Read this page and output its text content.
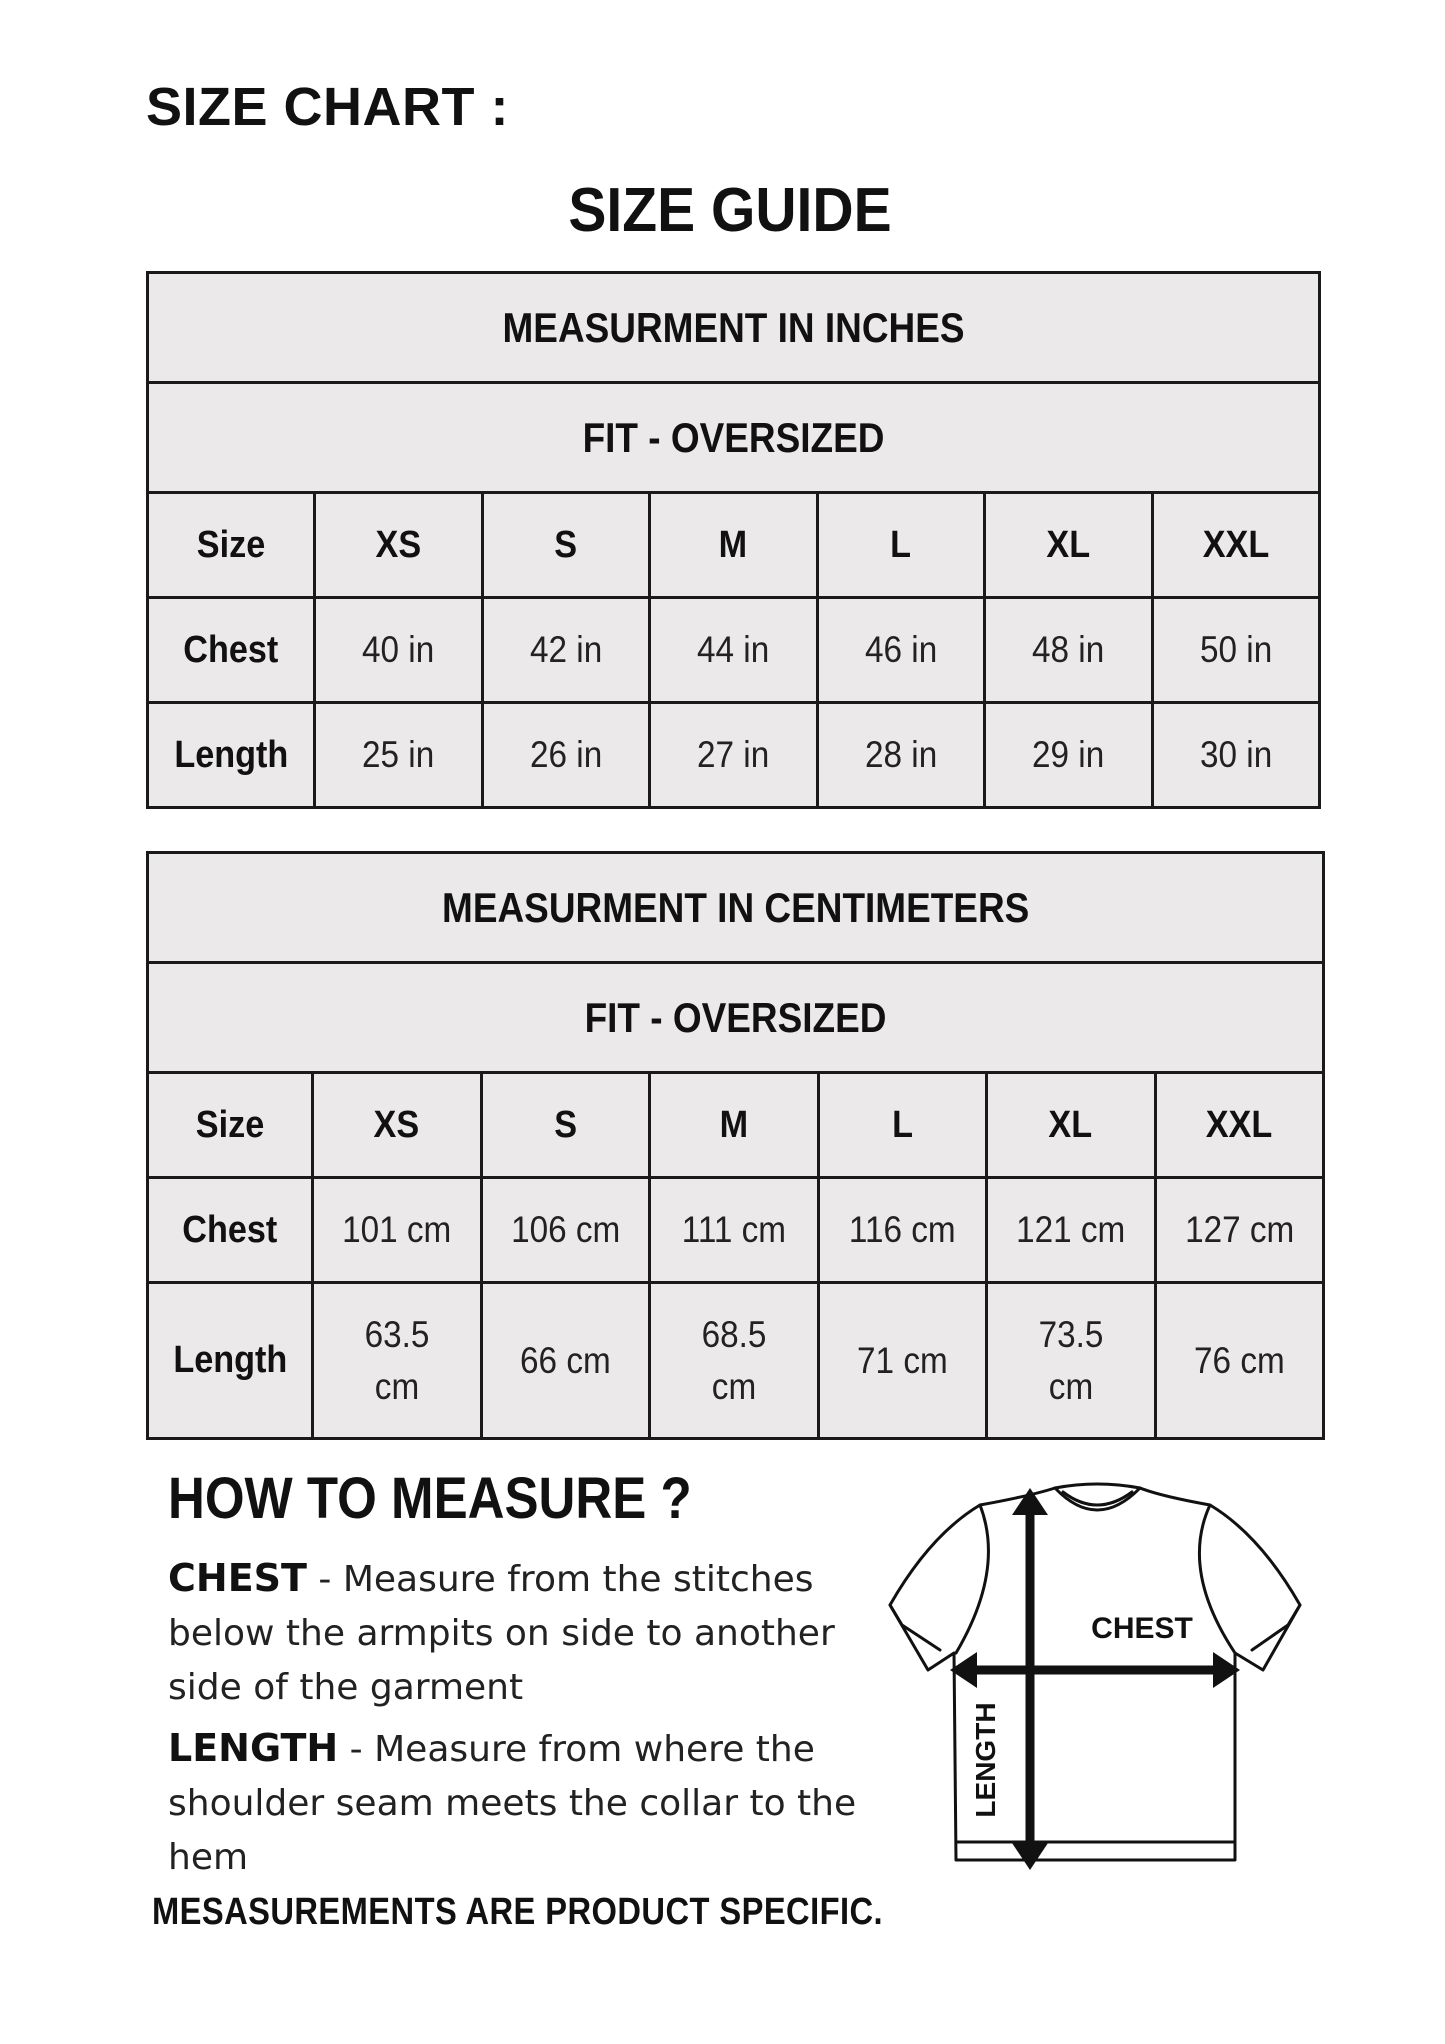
SIZE CHART :
SIZE GUIDE
MEASURMENT IN INCHES						
FIT - OVERSIZED						
Size	XS	S	M	L	XL	XXL
Chest	40 in	42 in	44 in	46 in	48 in	50 in
Length	25 in	26 in	27 in	28 in	29 in	30 in
MEASURMENT IN CENTIMETERS						
FIT - OVERSIZED						
Size	XS	S	M	L	XL	XXL
Chest	101 cm	106 cm	111 cm	116 cm	121 cm	127 cm
Length	63.5 cm	66 cm	68.5 cm	71 cm	73.5 cm	76 cm
HOW TO MEASURE ?
CHEST - Measure from the stitches below the armpits on side to another side of the garment
LENGTH - Measure from where the shoulder seam meets the collar to the hem
MESASUREMENTS ARE PRODUCT SPECIFIC.
CHEST
LENGTH
